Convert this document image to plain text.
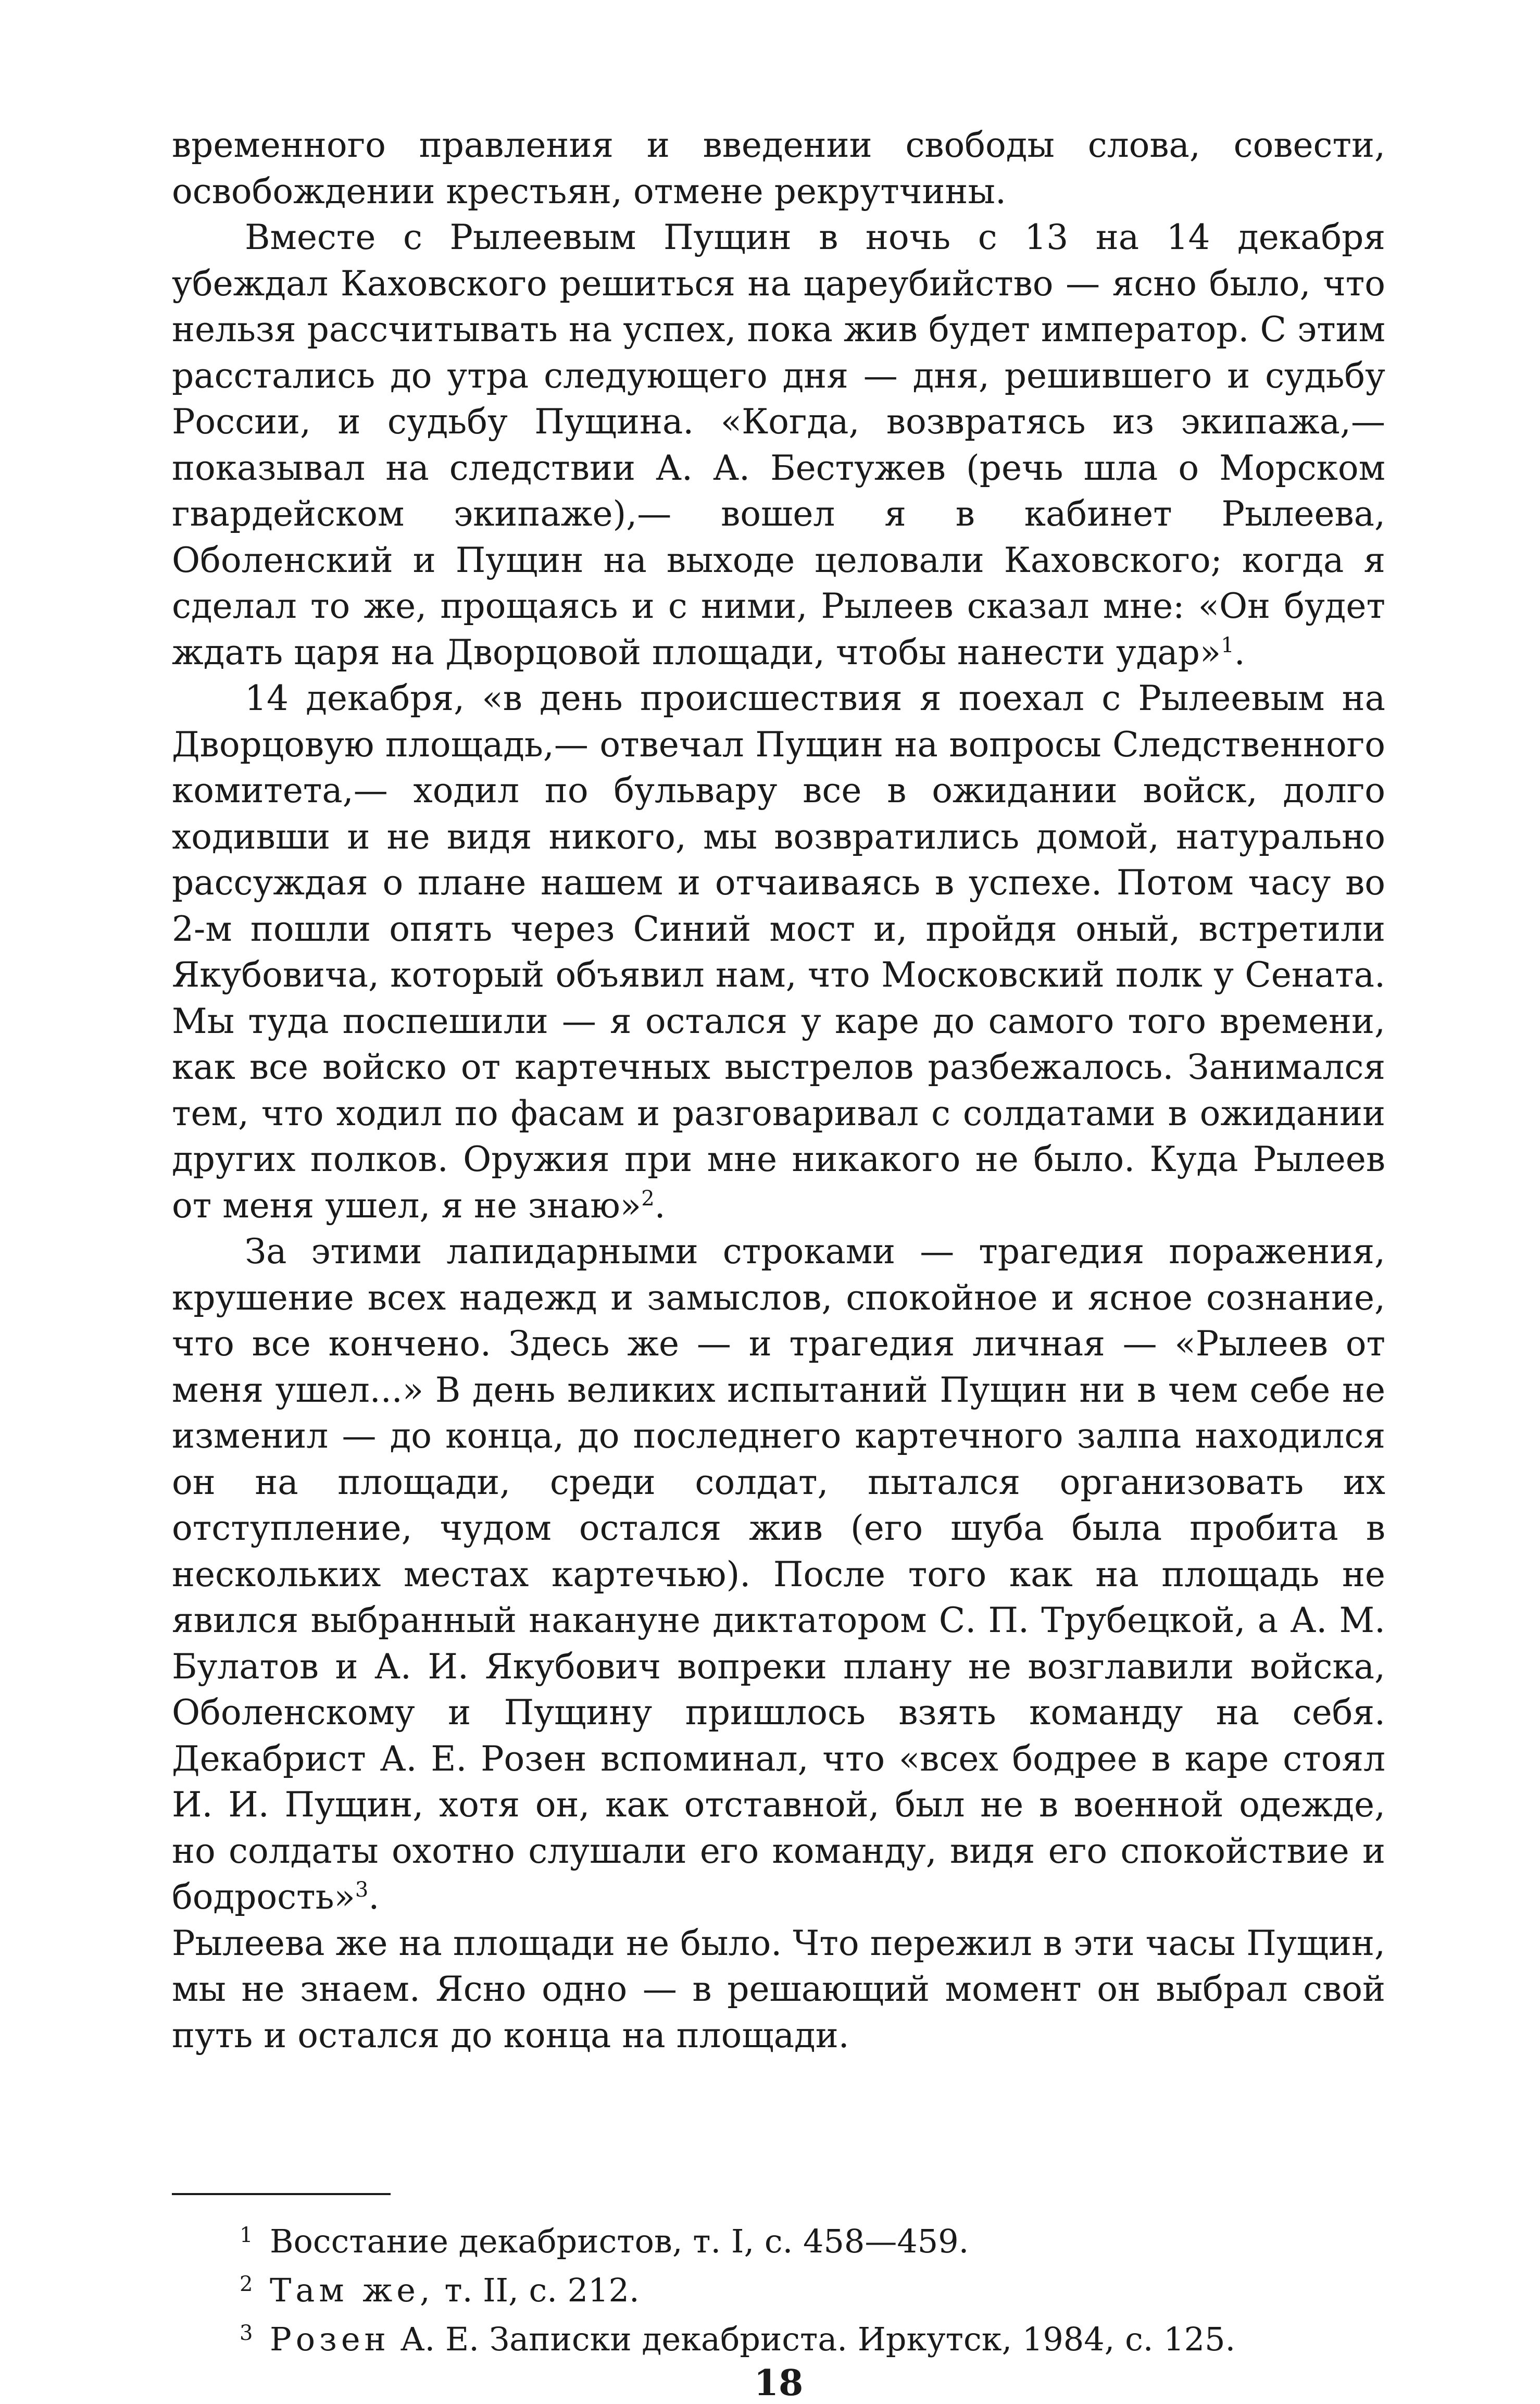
временного правления и введении свободы слова, совести, освобождении крестьян, отмене рекрутчины.

Вместе с Рылеевым Пущин в ночь с 13 на 14 декабря убеждал Каховского решиться на цареубийство — ясно было, что нельзя рассчитывать на успех, пока жив будет император. С этим расстались до утра следующего дня — дня, решившего и судьбу России, и судьбу Пущина. «Когда, возвратясь из экипажа,— показывал на следствии А. А. Бестужев (речь шла о Морском гвардейском экипаже),— вошел я в кабинет Рылеева, Оболенский и Пущин на выходе целовали Каховского; когда я сделал то же, прощаясь и с ними, Рылеев сказал мне: «Он будет ждать царя на Дворцовой площади, чтобы нанести удар»$^1$.

14 декабря, «в день происшествия я поехал с Рылеевым на Дворцовую площадь,— отвечал Пущин на вопросы Следственного комитета,— ходил по бульвару все в ожидании войск, долго ходивши и не видя никого, мы возвратились домой, натурально рассуждая о плане нашем и отчаиваясь в успехе. Потом часу во 2-м пошли опять через Синий мост и, пройдя оный, встретили Якубовича, который объявил нам, что Московский полк у Сената. Мы туда поспешили — я остался у каре до самого того времени, как все войско от картечных выстрелов разбежалось. Занимался тем, что ходил по фасам и разговаривал с солдатами в ожидании других полков. Оружия при мне никакого не было. Куда Рылеев от меня ушел, я не знаю»$^2$.

За этими лапидарными строками — трагедия поражения, крушение всех надежд и замыслов, спокойное и ясное сознание, что все кончено. Здесь же — и трагедия личная — «Рылеев от меня ушел...» В день великих испытаний Пущин ни в чем себе не изменил — до конца, до последнего картечного залпа находился он на площади, среди солдат, пытался организовать их отступление, чудом остался жив (его шуба была пробита в нескольких местах картечью). После того как на площадь не явился выбранный накануне диктатором С. П. Трубецкой, а А. М. Булатов и А. И. Якубович вопреки плану не возглавили войска, Оболенскому и Пущину пришлось взять команду на себя. Декабрист А. Е. Розен вспоминал, что «всех бодрее в каре стоял И. И. Пущин, хотя он, как отставной, был не в военной одежде, но солдаты охотно слушали его команду, видя его спокойствие и бодрость»$^3$.

Рылеева же на площади не было. Что пережил в эти часы Пущин, мы не знаем. Ясно одно — в решающий момент он выбрал свой путь и остался до конца на площади.

1 Восстание декабристов, т. I, с. 458—459.

2 Там же, т. II, с. 212.

3 Розен А. Е. Записки декабриста. Иркутск, 1984, с. 125.

18
